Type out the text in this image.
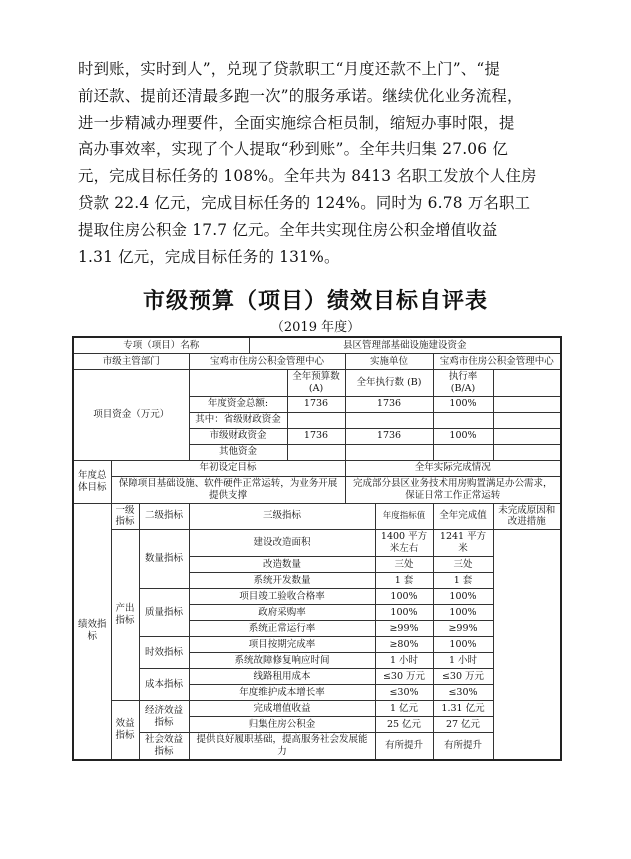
时到账，实时到人”，兑现了贷款职工“月度还款不上门”、“提
前还款、提前还清最多跑一次”的服务承诺。继续优化业务流程，
进一步精减办理要件，全面实施综合柜员制，缩短办事时限，提
高办事效率，实现了个人提取“秒到账”。全年共归集 27.06 亿
元，完成目标任务的 108%。全年共为 8413 名职工发放个人住房
贷款 22.4 亿元，完成目标任务的 124%。同时为 6.78 万名职工
提取住房公积金 17.7 亿元。全年共实现住房公积金增值收益
1.31 亿元，完成目标任务的 131%。
市级预算（项目）绩效目标自评表
（2019 年度）
专项（项目）名称				县区管理部基础设施建设资金					
市级主管部门			宝鸡市住房公积金管理中心			实施单位		宝鸡市住房公积金管理中心	
项目资金（万元）					全年预算数 (A)	全年执行数 (B)		执行率 (B/A)	
			年度资金总额:		1736	1736		100%	
			其中：省级财政资金						
			市级财政资金		1736	1736		100%	
			其他资金						
年度总体目标	年初设定目标					全年实际完成情况			
	保障项目基础设施、软件硬件正常运转，为业务开展提供支撑					完成部分县区业务技术用房购置满足办公需求，保证日常工作正常运转			
绩效指标	一级指标	二级指标	三级指标				年度指标值	全年完成值	未完成原因和改进措施
	产出指标	数量指标	建设改造面积				1400 平方米左右	1241 平方米	
			改造数量				三处	三处	
			系统开发数量				1 套	1 套	
		质量指标	项目竣工验收合格率				100%	100%	
			政府采购率				100%	100%	
			系统正常运行率				≥99%	≥99%	
		时效指标	项目按期完成率				≥80%	100%	
			系统故障修复响应时间				1 小时	1 小时	
		成本指标	线路租用成本				≤30 万元	≤30 万元	
			年度维护成本增长率				≤30%	≤30%	
	效益指标	经济效益指标	完成增值收益				1 亿元	1.31 亿元	
			归集住房公积金				25 亿元	27 亿元	
		社会效益指标	提供良好履职基础，提高服务社会发展能力				有所提升	有所提升	
